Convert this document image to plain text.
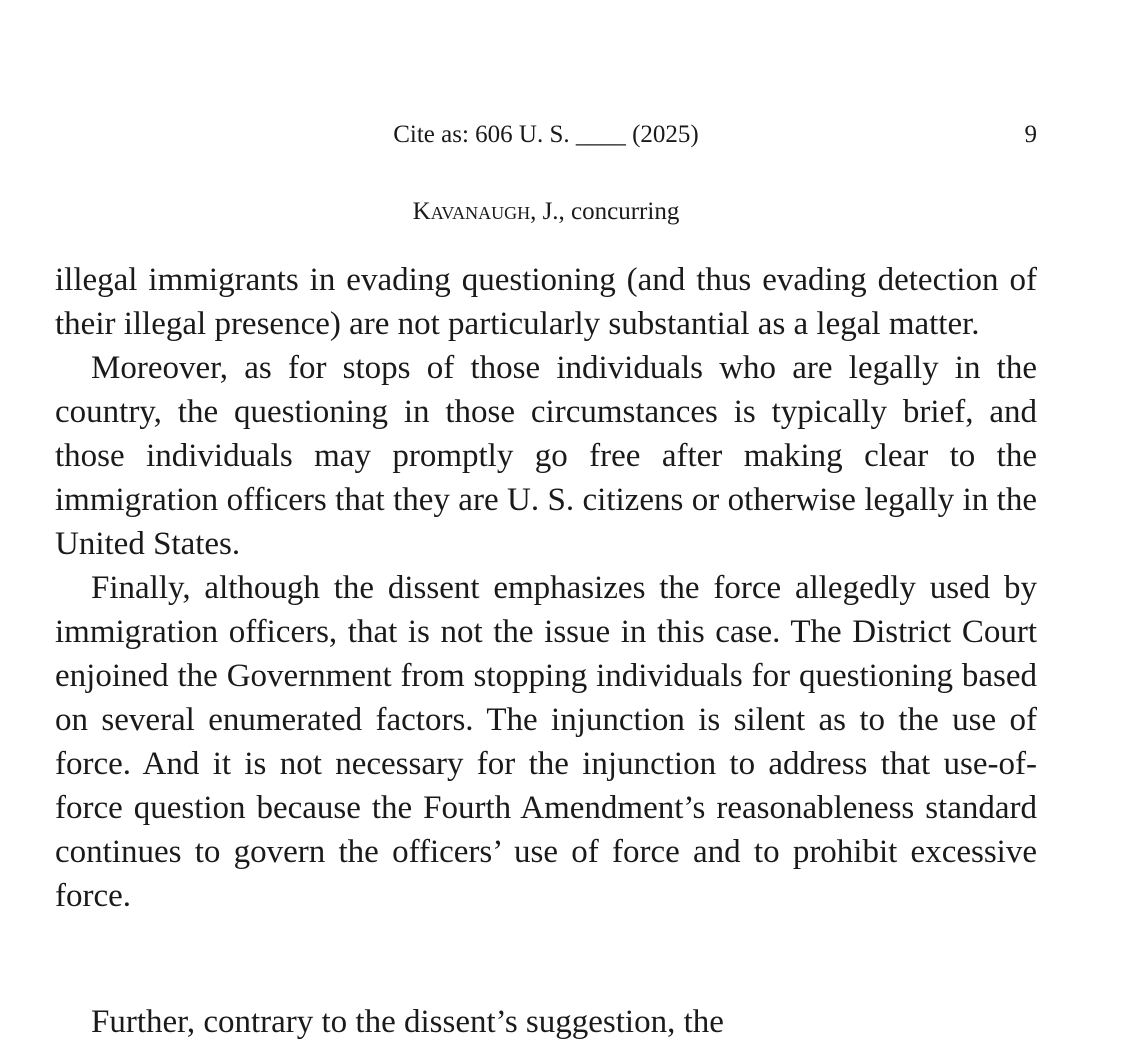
Cite as: 606 U. S. ____ (2025)	9
Kavanaugh, J., concurring

illegal immigrants in evading questioning (and thus evading detection of their illegal presence) are not particularly substantial as a legal matter.

Moreover, as for stops of those individuals who are legally in the country, the questioning in those circumstances is typically brief, and those individuals may promptly go free after making clear to the immigration officers that they are U. S. citizens or otherwise legally in the United States.

Finally, although the dissent emphasizes the force allegedly used by immigration officers, that is not the issue in this case. The District Court enjoined the Government from stopping individuals for questioning based on several enumerated factors. The injunction is silent as to the use of force. And it is not necessary for the injunction to address that use-of-force question because the Fourth Amendment’s reasonableness standard continues to govern the officers’ use of force and to prohibit excessive force.

Further, contrary to the dissent’s suggestion, the
